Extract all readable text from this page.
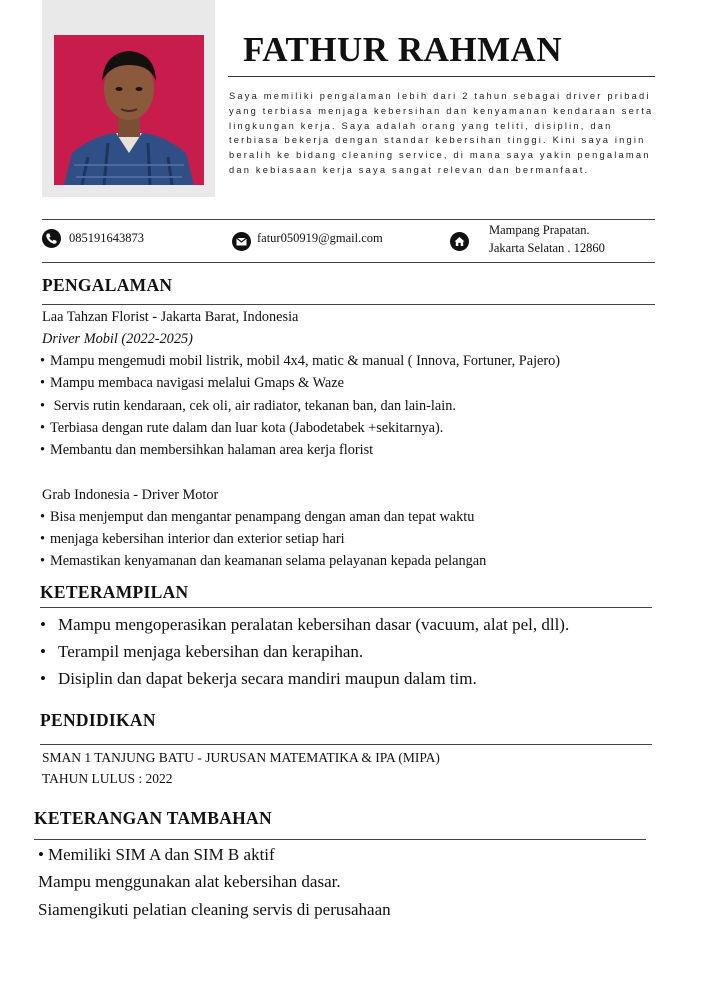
FATHUR RAHMAN
Saya memiliki pengalaman lebih dari 2 tahun sebagai driver pribadi yang terbiasa menjaga kebersihan dan kenyamanan kendaraan serta lingkungan kerja. Saya adalah orang yang teliti, disiplin, dan terbiasa bekerja dengan standar kebersihan tinggi. Kini saya ingin beralih ke bidang cleaning service, di mana saya yakin pengalaman dan kebiasaan kerja saya sangat relevan dan bermanfaat.
085191643873	fatur050919@gmail.com
Mampang Prapatan.
Jakarta Selatan . 12860
PENGALAMAN
Laa Tahzan Florist - Jakarta Barat, Indonesia
Driver Mobil (2022-2025)
• Mampu mengemudi mobil listrik, mobil 4x4, matic & manual ( Innova, Fortuner, Pajero)
• Mampu membaca navigasi melalui Gmaps & Waze
• Servis rutin kendaraan, cek oli, air radiator, tekanan ban, dan lain-lain.
• Terbiasa dengan rute dalam dan luar kota (Jabodetabek +sekitarnya).
• Membantu dan membersihkan halaman area kerja florist
Grab Indonesia - Driver Motor
• Bisa menjemput dan mengantar penampang dengan aman dan tepat waktu
• menjaga kebersihan interior dan exterior setiap hari
• Memastikan kenyamanan dan keamanan selama pelayanan kepada pelangan
KETERAMPILAN
• Mampu mengoperasikan peralatan kebersihan dasar (vacuum, alat pel, dll).
• Terampil menjaga kebersihan dan kerapihan.
• Disiplin dan dapat bekerja secara mandiri maupun dalam tim.
PENDIDIKAN
SMAN 1 TANJUNG BATU - JURUSAN MATEMATIKA & IPA (MIPA)
TAHUN LULUS : 2022
KETERANGAN TAMBAHAN
• Memiliki SIM A dan SIM B aktif
Mampu menggunakan alat kebersihan dasar.
Siamengikuti pelatian cleaning servis di perusahaan
